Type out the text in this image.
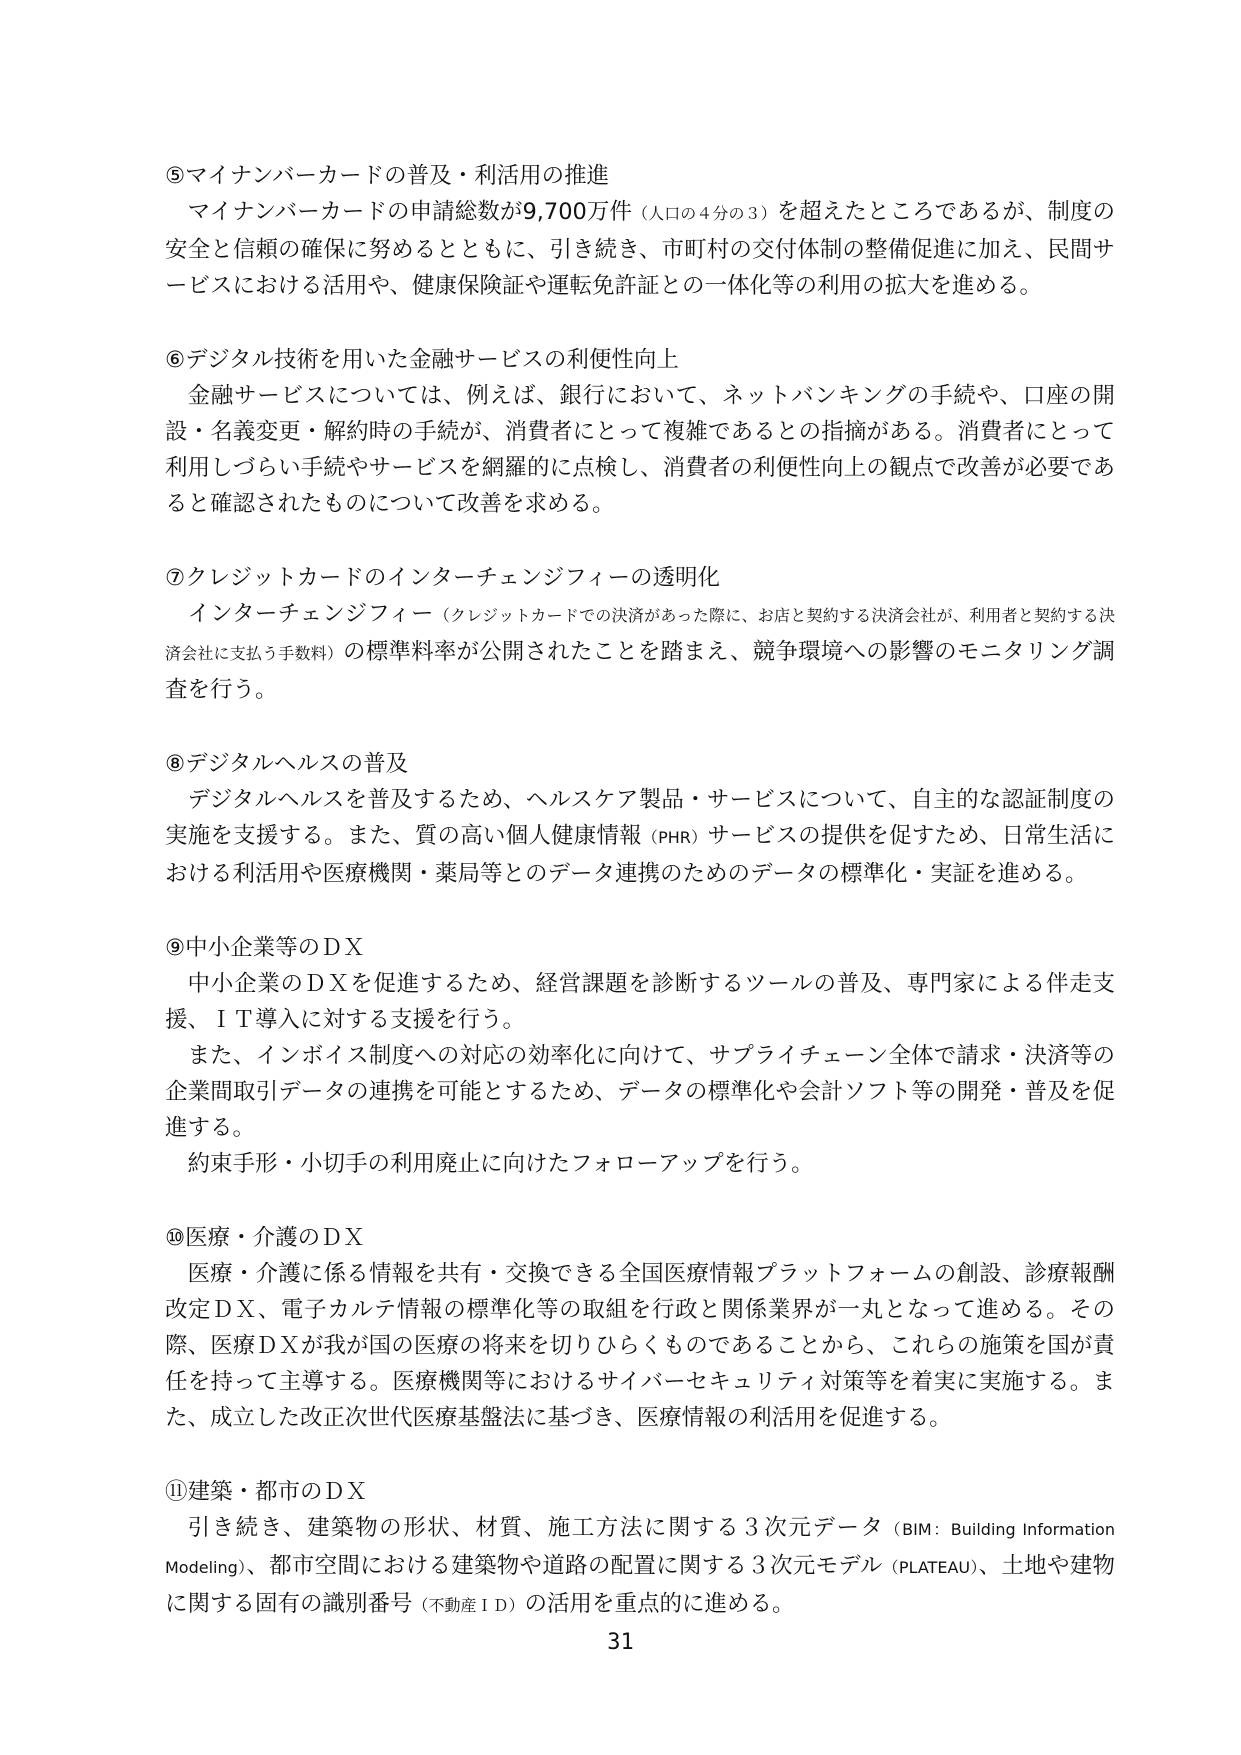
⑤マイナンバーカードの普及・利活用の推進

マイナンバーカードの申請総数が9,700万件（人口の４分の３）を超えたところであるが、制度の安全と信頼の確保に努めるとともに、引き続き、市町村の交付体制の整備促進に加え、民間サービスにおける活用や、健康保険証や運転免許証との一体化等の利用の拡大を進める。

⑥デジタル技術を用いた金融サービスの利便性向上

金融サービスについては、例えば、銀行において、ネットバンキングの手続や、口座の開設・名義変更・解約時の手続が、消費者にとって複雑であるとの指摘がある。消費者にとって利用しづらい手続やサービスを網羅的に点検し、消費者の利便性向上の観点で改善が必要であると確認されたものについて改善を求める。

⑦クレジットカードのインターチェンジフィーの透明化

インターチェンジフィー（クレジットカードでの決済があった際に、お店と契約する決済会社が、利用者と契約する決済会社に支払う手数料）の標準料率が公開されたことを踏まえ、競争環境への影響のモニタリング調査を行う。

⑧デジタルヘルスの普及

デジタルヘルスを普及するため、ヘルスケア製品・サービスについて、自主的な認証制度の実施を支援する。また、質の高い個人健康情報（PHR）サービスの提供を促すため、日常生活における利活用や医療機関・薬局等とのデータ連携のためのデータの標準化・実証を進める。

⑨中小企業等のＤＸ

中小企業のＤＸを促進するため、経営課題を診断するツールの普及、専門家による伴走支援、ＩＴ導入に対する支援を行う。

また、インボイス制度への対応の効率化に向けて、サプライチェーン全体で請求・決済等の企業間取引データの連携を可能とするため、データの標準化や会計ソフト等の開発・普及を促進する。

約束手形・小切手の利用廃止に向けたフォローアップを行う。

⑩医療・介護のＤＸ

医療・介護に係る情報を共有・交換できる全国医療情報プラットフォームの創設、診療報酬改定ＤＸ、電子カルテ情報の標準化等の取組を行政と関係業界が一丸となって進める。その際、医療ＤＸが我が国の医療の将来を切りひらくものであることから、これらの施策を国が責任を持って主導する。医療機関等におけるサイバーセキュリティ対策等を着実に実施する。また、成立した改正次世代医療基盤法に基づき、医療情報の利活用を促進する。

⑪建築・都市のＤＸ

引き続き、建築物の形状、材質、施工方法に関する３次元データ（BIM：Building Information Modeling）、都市空間における建築物や道路の配置に関する３次元モデル（PLATEAU）、土地や建物に関する固有の識別番号（不動産ＩＤ）の活用を重点的に進める。

31
